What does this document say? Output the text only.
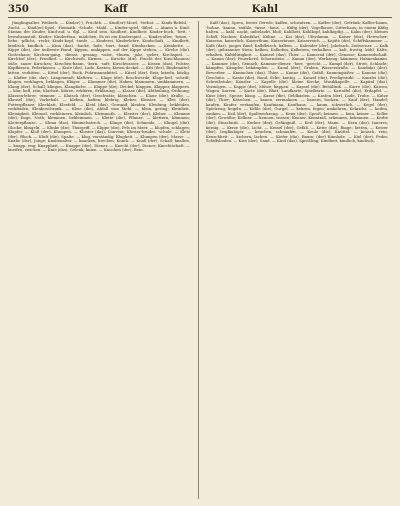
350	Kaff	Kahl

Jünglingsalter. Weiberk. — Kinder(-), Fruchtb. — Kind(er)-Mord, -Verbot. — Kinds-Befehl, -Zucht. — Kind(er)-Spiel, -Heimath, -Schule, -Mahl. — Kinder-spiel, -Bibel. — Ahnen u. Kind: Stamm der Kinder, Kind-auf, u. dgl. — Kind sein, Kindheit. Kindheit: Kinder-buch, -bett, -bewahranstalt. Kinder: Kinderfrau, -mädchen. Es ist ein Kinderspiel. — Kindes-alter, -beine, -liebe, -pflicht, -recht; Kinds-kopf, -taufe. — Kinderei, Kinderlehre, Kindschaft. — Kindbett, kindisch, kindlich. — Kinn (das), -backe, -lade, -bart, -band. Kinnbacken. — Kinnkette. — Kippe (die), der äußerste Rand; kippen, umkippen, auf der Kippe stehen. — Kirche (die), Gotteshaus; Kirchen-gang, -dienst, -gesang, -vater, -thurm, -jahr, -gebet; Kirchspiel. — Kirchhof (der), Friedhof. — Kirchweih, Kirmes. — Kirsche (die), Frucht des Kirschbaums; süße, saure Kirschen; Kirschen-baum, -kern, -saft; Kirschwasser. — Kissen (das), Polster, Kopfkissen, Federkissen. — Kiste (die), Lade, Kasten; Kisten-deckel. — Kitt (der), Bindemittel; kitten, verkitten. — Kittel (der), Rock, Fuhrmannskittel. — Kitzel (der), Reiz; kitzeln, kitzlig. — Klafter (die, das), Längenmaß; klaftern. — Klage (die), Beschwerde; Klage-lied, -schrift; klagen, verklagen, beklagen, Kläger. — Klammer (die), Haken; klammern, umklammern. — Klang (der), Schall; klingen, Klangfarbe. — Klappe (die), Deckel; klappen, Klapper, klappern. — klar, hell, rein; Klarheit, klären, erklären, Erklärung. — Klasse (die), Abtheilung, Ordnung; Klassen-lehrer, -zimmer. — Klatsch (der), Geschwätz; klatschen. — Klaue (die), Kralle. — Klausel (die), Vorbehalt. — kleben, haften; klebrig, Kleber, Kleister. — Klee (der), Futterpflanze; Kleeblatt, Kleefeld. — Kleid (das), Gewand; kleiden, Kleidung, bekleiden, verkleiden, Kleiderschrank. — Kleie (die), Abfall vom Mehl. — klein, gering; Kleinheit, Kleinigkeit, Kleinod, verkleinern, kleinlich, Kleinmuth. — Kleister (der), Kleber. — Klemme (die), Enge, Noth; klemmen, beklemmen. — Klette (die), Pflanze. — klettern, klimmen; Kletterpflanze. — Klima (das), Himmelsstrich. — Klinge (die), Schneide. — Klingel (die), Glocke; klingeln. — Klinke (die), Thürgriff. — Klippe (die), Fels im Meer. — klopfen, schlagen; Klopfer. — Kloß (der), Klumpen. — Kloster (das), Convent; Kloster-bruder, -schule. — Klotz (der), Block. — Kluft (die), Spalte. — klug, verständig; Klugheit. — Klumpen (der), Masse. — Knabe (der), Junge; Knabenalter. — knacken, brechen; Knack. — Knall (der), Schall; knallen. — knapp, eng; Knappheit. — Knappe (der), Diener. — Knecht (der), Diener; Knechtschaft. — kneifen, zwicken. — Knie (das), Gelenk; knien. — Knochen (der), Bein.

Kaff (das), Spreu, leeres Gerede; kaffen, schwatzen. — Kaffee (der), Getränk; Kaffee-baum, -bohne, -kanne, -mühle, -tasse, -haus. — Käfig (der), Vogelbauer, Gitterhaus; in einem Käfig halten. — kahl, nackt, unbelaubt, bloß; Kahlheit, Kahlkopf, kahlköpfig. — Kahn (der), kleines Schiff, Nachen; Kahnfahrt, Kähne. — Kai (der), Uferdamm. — Kaiser (der), Herrscher; Kaiserin, kaiserlich, Kaiserthum, Kaiserkrone, Kaiserreich. — Kajüte (die), Schiffskammer. — Kalb (das), junges Rind; Kalbfleisch, kalben. — Kalender (der), Jahrbuch, Zeitweiser. — Kalk (der), gebrannter Stein; kalken, Kalkofen, Kalkstein, verkalken. — kalt, frostig, kühl; Kälte, erkalten, Kaltblütigkeit. — Kameel (das), Thier. — Kamerad (der), Genosse; Kameradschaft. — Kamin (der), Feuerherd, Schornstein. — Kamm (der), Werkzeug; kämmen; Hahnenkamm. — Kammer (die), Gemach; Kammer-diener, -herr, -gericht. — Kampf (der), Streit, Schlacht; kämpfen, Kämpfer, bekämpfen. — Kanal (der), Graben, Wasserstraße. — Kandidat (der), Bewerber. — Kaninchen (das), Thier. — Kanne (die), Gefäß; Kannengießer. — Kanone (die), Geschütz. — Kante (die), Rand, Ecke; kantig. — Kanzel (die), Predigtstuhl. — Kanzlei (die), Schreibstube; Kanzler. — Kapelle (die), kleine Kirche; Musikkapelle. — Kapital (das), Vermögen. — Kappe (die), Mütze; kappen. — Kapsel (die), Behältniß. — Karre (die), Karren, Wagen; karren. — Karte (die), Blatt; Landkarte, Spielkarte. — Kartoffel (die), Erdapfel. — Käse (der), Speise; käsig. — Kasse (die), Geldkasten. — Kasten (der), Lade, Truhe. — Katze (die), Thier; Kätzchen. — kauen, zermalmen. — kauern, hocken. — Kauf (der), Handel; kaufen, Käufer, verkaufen, Kaufmann, Kaufhaus. — kaum, schwerlich. — Kegel (der), Spielzeug; kegeln. — Kehle (die), Gurgel. — kehren, fegen; umkehren, Kehricht. — keifen, zanken. — Keil (der), Spaltwerkzeug. — Keim (der), Sproß; keimen. — kein, keiner. — Keller (der), Gewölbe; Kellner. — kennen, wissen; Kenner, Kenntniß, erkennen, bekennen. — Kerbe (die), Einschnitt. — Kerker (der), Gefängniß. — Kerl (der), Mann. — Kern (der), Inneres; kernig. — Kerze (die), Licht. — Kessel (der), Gefäß. — Kette (die), Ringe; ketten. — Ketzer (der), Irrgläubiger. — keuchen, schnaufen. — Keule (die), Knüttel. — keusch, rein; Keuschheit. — kichern, lachen. — Kiefer (die), Baum; (der) Kinnlade. — Kiel (der), Feder, Schiffsboden. — Kies (der), Sand. — Kind (das), Sprößling; Kindheit, kindlich, kindisch.
